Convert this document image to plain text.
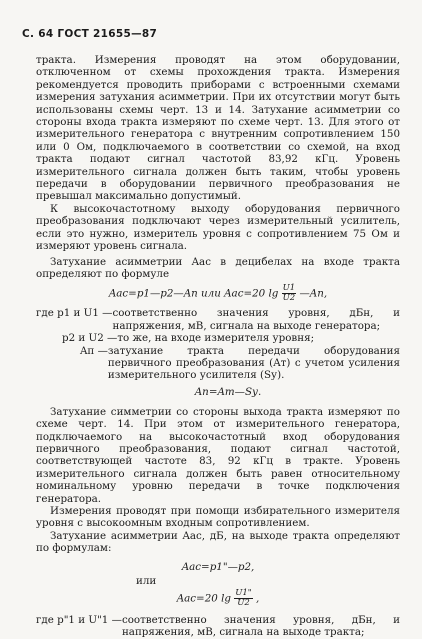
С. 64 ГОСТ 21655—87

тракта. Измерения проводят на этом оборудовании, отключенном от схемы прохождения тракта. Измерения рекомендуется проводить приборами с встроенными схемами измерения затухания асимметрии. При их отсутствии могут быть использованы схемы черт. 13 и 14. Затухание асимметрии со стороны входа тракта измеряют по схеме черт. 13. Для этого от измерительного генератора с внутренним сопротивлением 150 или 0 Ом, подключаемого в соответствии со схемой, на вход тракта подают сигнал частотой 83,92 кГц. Уровень измерительного сигнала должен быть таким, чтобы уровень передачи в оборудовании первичного преобразования не превышал максимально допустимый.

К высокочастотному выходу оборудования первичного преобразования подключают через измерительный усилитель, если это нужно, измеритель уровня с сопротивлением 75 Ом и измеряют уровень сигнала.

Затухание асимметрии Aас в децибелах на входе тракта определяют по формуле

Aас=p1—p2—Aп или Aас=20 $\lg \frac{U1}{U2}$ —Aп,
где p1 и U1 — соответственно значения уровня, дБн, и напряжения, мВ, сигнала на выходе генератора;
p2 и U2 — то же, на входе измерителя уровня;
Aп — затухание тракта передачи оборудования первичного преобразования (Aт) с учетом усиления измерительного усилителя (Sу).
Aп=Aт—Sу.

Затухание симметрии со стороны выхода тракта измеряют по схеме черт. 14. При этом от измерительного генератора, подключаемого на высокочастотный вход оборудования первичного преобразования, подают сигнал частотой, соответствующей частоте 83, 92 кГц в тракте. Уровень измерительного сигнала должен быть равен относительному номинальному уровню передачи в точке подключения генератора.

Измерения проводят при помощи избирательного измерителя уровня с высокоомным входным сопротивлением.

Затухание асимметрии Aас, дБ, на выходе тракта определяют по формулам:

Aас=p1"—p2,
или
Aас=20 $\lg \frac{U1"}{U2}$ ,
где p"1 и U"1 — соответственно значения уровня, дБн, и напряжения, мВ, сигнала на выходе тракта;
